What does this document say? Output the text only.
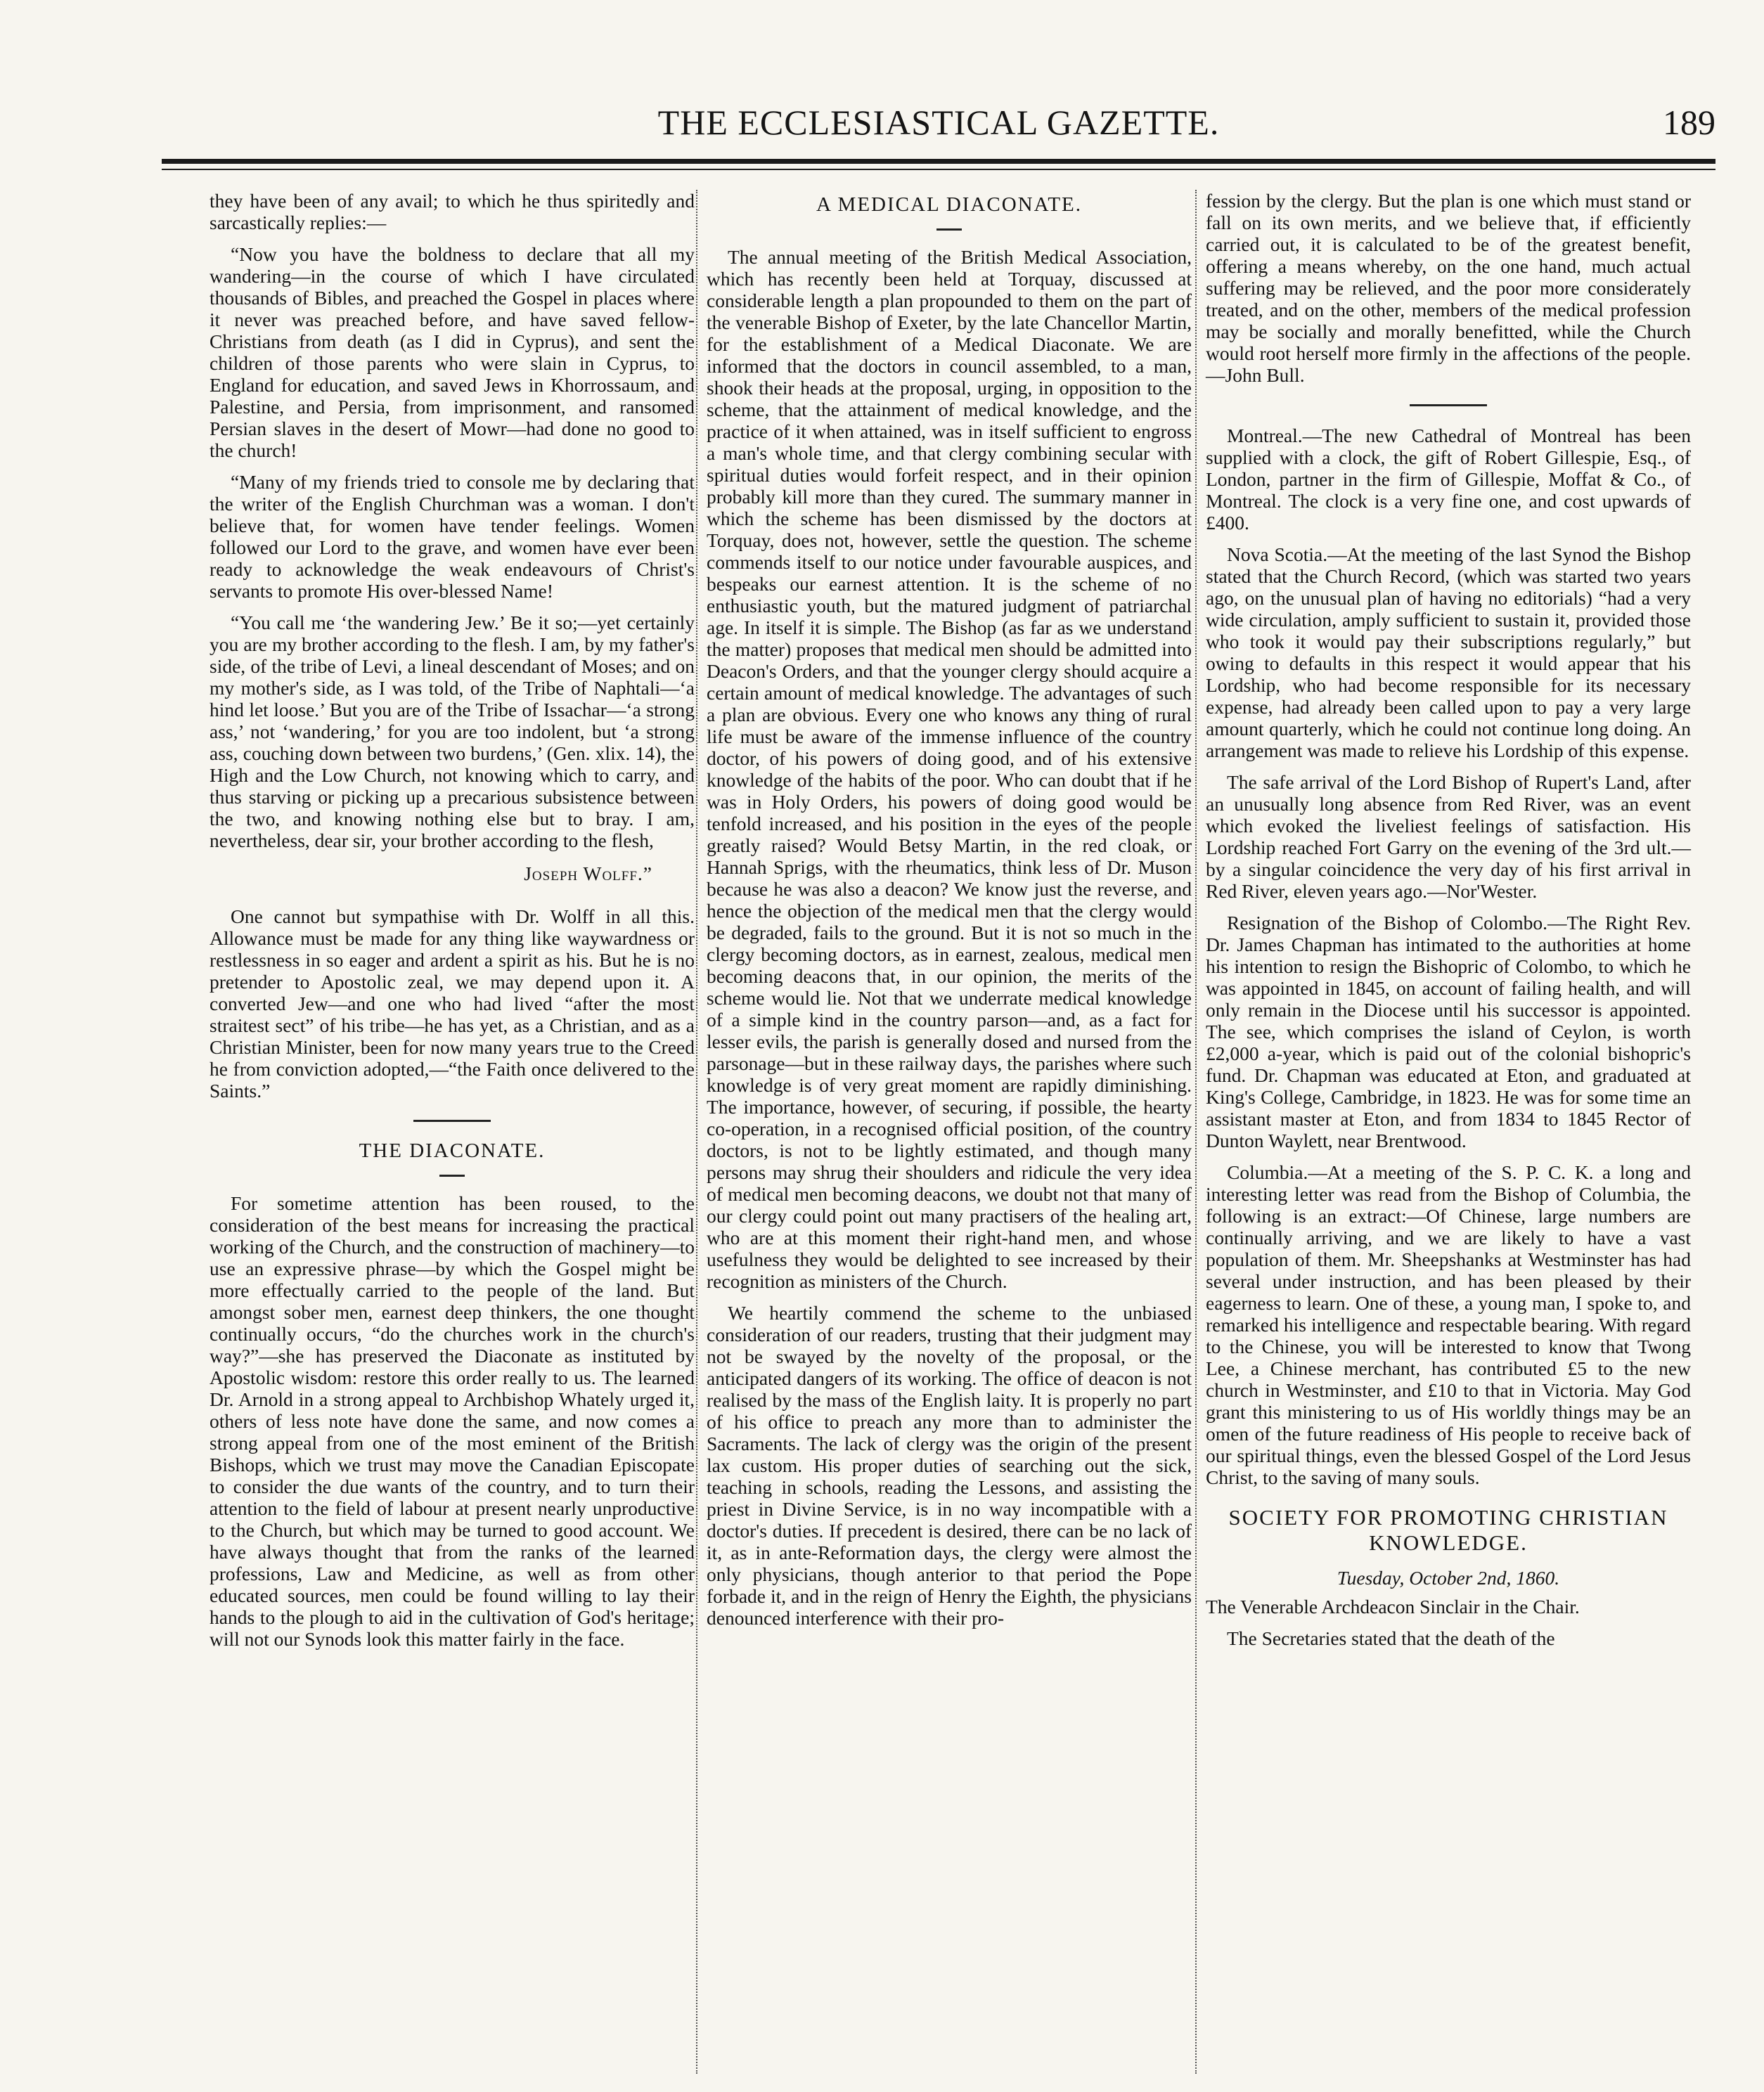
THE ECCLESIASTICAL GAZETTE.	189

they have been of any avail; to which he thus spiritedly and sarcastically replies:—

“Now you have the boldness to declare that all my wandering—in the course of which I have circulated thousands of Bibles, and preached the Gospel in places where it never was preached before, and have saved fellow-Christians from death (as I did in Cyprus), and sent the children of those parents who were slain in Cyprus, to England for education, and saved Jews in Khorrossaum, and Palestine, and Persia, from imprisonment, and ransomed Persian slaves in the desert of Mowr—had done no good to the church!

“Many of my friends tried to console me by declaring that the writer of the English Churchman was a woman. I don't believe that, for women have tender feelings. Women followed our Lord to the grave, and women have ever been ready to acknowledge the weak endeavours of Christ's servants to promote His over-blessed Name!

“You call me ‘the wandering Jew.’ Be it so;—yet certainly you are my brother according to the flesh. I am, by my father's side, of the tribe of Levi, a lineal descendant of Moses; and on my mother's side, as I was told, of the Tribe of Naphtali—‘a hind let loose.’ But you are of the Tribe of Issachar—‘a strong ass,’ not ‘wandering,’ for you are too indolent, but ‘a strong ass, couching down between two burdens,’ (Gen. xlix. 14), the High and the Low Church, not knowing which to carry, and thus starving or picking up a precarious subsistence between the two, and knowing nothing else but to bray. I am, nevertheless, dear sir, your brother according to the flesh,

Joseph Wolff.”

One cannot but sympathise with Dr. Wolff in all this. Allowance must be made for any thing like waywardness or restlessness in so eager and ardent a spirit as his. But he is no pretender to Apostolic zeal, we may depend upon it. A converted Jew—and one who had lived “after the most straitest sect” of his tribe—he has yet, as a Christian, and as a Christian Minister, been for now many years true to the Creed he from conviction adopted,—“the Faith once delivered to the Saints.”

THE DIACONATE.

For sometime attention has been roused, to the consideration of the best means for increasing the practical working of the Church, and the construction of machinery—to use an expressive phrase—by which the Gospel might be more effectually carried to the people of the land. But amongst sober men, earnest deep thinkers, the one thought continually occurs, “do the churches work in the church's way?”—she has preserved the Diaconate as instituted by Apostolic wisdom: restore this order really to us. The learned Dr. Arnold in a strong appeal to Archbishop Whately urged it, others of less note have done the same, and now comes a strong appeal from one of the most eminent of the British Bishops, which we trust may move the Canadian Episcopate to consider the due wants of the country, and to turn their attention to the field of labour at present nearly unproductive to the Church, but which may be turned to good account. We have always thought that from the ranks of the learned professions, Law and Medicine, as well as from other educated sources, men could be found willing to lay their hands to the plough to aid in the cultivation of God's heritage; will not our Synods look this matter fairly in the face.

A MEDICAL DIACONATE.

The annual meeting of the British Medical Association, which has recently been held at Torquay, discussed at considerable length a plan propounded to them on the part of the venerable Bishop of Exeter, by the late Chancellor Martin, for the establishment of a Medical Diaconate. We are informed that the doctors in council assembled, to a man, shook their heads at the proposal, urging, in opposition to the scheme, that the attainment of medical knowledge, and the practice of it when attained, was in itself sufficient to engross a man's whole time, and that clergy combining secular with spiritual duties would forfeit respect, and in their opinion probably kill more than they cured. The summary manner in which the scheme has been dismissed by the doctors at Torquay, does not, however, settle the question. The scheme commends itself to our notice under favourable auspices, and bespeaks our earnest attention. It is the scheme of no enthusiastic youth, but the matured judgment of patriarchal age. In itself it is simple. The Bishop (as far as we understand the matter) proposes that medical men should be admitted into Deacon's Orders, and that the younger clergy should acquire a certain amount of medical knowledge. The advantages of such a plan are obvious. Every one who knows any thing of rural life must be aware of the immense influence of the country doctor, of his powers of doing good, and of his extensive knowledge of the habits of the poor. Who can doubt that if he was in Holy Orders, his powers of doing good would be tenfold increased, and his position in the eyes of the people greatly raised? Would Betsy Martin, in the red cloak, or Hannah Sprigs, with the rheumatics, think less of Dr. Muson because he was also a deacon? We know just the reverse, and hence the objection of the medical men that the clergy would be degraded, fails to the ground. But it is not so much in the clergy becoming doctors, as in earnest, zealous, medical men becoming deacons that, in our opinion, the merits of the scheme would lie. Not that we underrate medical knowledge of a simple kind in the country parson—and, as a fact for lesser evils, the parish is generally dosed and nursed from the parsonage—but in these railway days, the parishes where such knowledge is of very great moment are rapidly diminishing. The importance, however, of securing, if possible, the hearty co-operation, in a recognised official position, of the country doctors, is not to be lightly estimated, and though many persons may shrug their shoulders and ridicule the very idea of medical men becoming deacons, we doubt not that many of our clergy could point out many practisers of the healing art, who are at this moment their right-hand men, and whose usefulness they would be delighted to see increased by their recognition as ministers of the Church.

We heartily commend the scheme to the unbiased consideration of our readers, trusting that their judgment may not be swayed by the novelty of the proposal, or the anticipated dangers of its working. The office of deacon is not realised by the mass of the English laity. It is properly no part of his office to preach any more than to administer the Sacraments. The lack of clergy was the origin of the present lax custom. His proper duties of searching out the sick, teaching in schools, reading the Lessons, and assisting the priest in Divine Service, is in no way incompatible with a doctor's duties. If precedent is desired, there can be no lack of it, as in ante-Reformation days, the clergy were almost the only physicians, though anterior to that period the Pope forbade it, and in the reign of Henry the Eighth, the physicians denounced interference with their pro-

fession by the clergy. But the plan is one which must stand or fall on its own merits, and we believe that, if efficiently carried out, it is calculated to be of the greatest benefit, offering a means whereby, on the one hand, much actual suffering may be relieved, and the poor more considerately treated, and on the other, members of the medical profession may be socially and morally benefitted, while the Church would root herself more firmly in the affections of the people.—John Bull.

Montreal.—The new Cathedral of Montreal has been supplied with a clock, the gift of Robert Gillespie, Esq., of London, partner in the firm of Gillespie, Moffat & Co., of Montreal. The clock is a very fine one, and cost upwards of £400.

Nova Scotia.—At the meeting of the last Synod the Bishop stated that the Church Record, (which was started two years ago, on the unusual plan of having no editorials) “had a very wide circulation, amply sufficient to sustain it, provided those who took it would pay their subscriptions regularly,” but owing to defaults in this respect it would appear that his Lordship, who had become responsible for its necessary expense, had already been called upon to pay a very large amount quarterly, which he could not continue long doing. An arrangement was made to relieve his Lordship of this expense.

The safe arrival of the Lord Bishop of Rupert's Land, after an unusually long absence from Red River, was an event which evoked the liveliest feelings of satisfaction. His Lordship reached Fort Garry on the evening of the 3rd ult.—by a singular coincidence the very day of his first arrival in Red River, eleven years ago.—Nor'Wester.

Resignation of the Bishop of Colombo.—The Right Rev. Dr. James Chapman has intimated to the authorities at home his intention to resign the Bishopric of Colombo, to which he was appointed in 1845, on account of failing health, and will only remain in the Diocese until his successor is appointed. The see, which comprises the island of Ceylon, is worth £2,000 a-year, which is paid out of the colonial bishopric's fund. Dr. Chapman was educated at Eton, and graduated at King's College, Cambridge, in 1823. He was for some time an assistant master at Eton, and from 1834 to 1845 Rector of Dunton Waylett, near Brentwood.

Columbia.—At a meeting of the S. P. C. K. a long and interesting letter was read from the Bishop of Columbia, the following is an extract:—Of Chinese, large numbers are continually arriving, and we are likely to have a vast population of them. Mr. Sheepshanks at Westminster has had several under instruction, and has been pleased by their eagerness to learn. One of these, a young man, I spoke to, and remarked his intelligence and respectable bearing. With regard to the Chinese, you will be interested to know that Twong Lee, a Chinese merchant, has contributed £5 to the new church in Westminster, and £10 to that in Victoria. May God grant this ministering to us of His worldly things may be an omen of the future readiness of His people to receive back of our spiritual things, even the blessed Gospel of the Lord Jesus Christ, to the saving of many souls.

SOCIETY FOR PROMOTING CHRISTIAN KNOWLEDGE.
Tuesday, October 2nd, 1860.

The Venerable Archdeacon Sinclair in the Chair.

The Secretaries stated that the death of the
